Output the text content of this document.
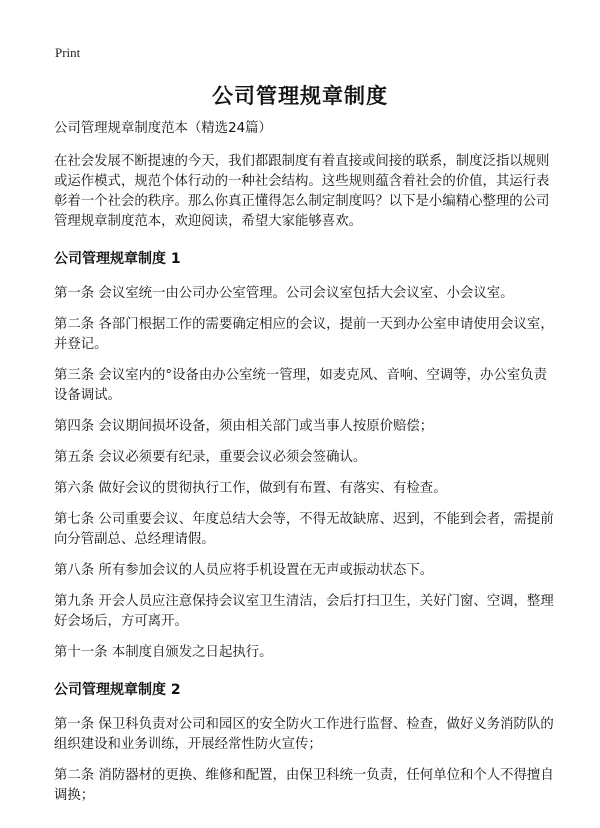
Print
公司管理规章制度

公司管理规章制度范本（精选24篇）

在社会发展不断提速的今天，我们都跟制度有着直接或间接的联系，制度泛指以规则或运作模式，规范个体行动的一种社会结构。这些规则蕴含着社会的价值，其运行表彰着一个社会的秩序。那么你真正懂得怎么制定制度吗？以下是小编精心整理的公司管理规章制度范本，欢迎阅读，希望大家能够喜欢。

公司管理规章制度 1

第一条 会议室统一由公司办公室管理。公司会议室包括大会议室、小会议室。

第二条 各部门根据工作的需要确定相应的会议，提前一天到办公室申请使用会议室，并登记。

第三条 会议室内的°设备由办公室统一管理，如麦克风、音响、空调等，办公室负责设备调试。

第四条 会议期间损坏设备，须由相关部门或当事人按原价赔偿；

第五条 会议必须要有纪录，重要会议必须会签确认。

第六条 做好会议的贯彻执行工作，做到有布置、有落实、有检查。

第七条 公司重要会议、年度总结大会等，不得无故缺席、迟到，不能到会者，需提前向分管副总、总经理请假。

第八条 所有参加会议的人员应将手机设置在无声或振动状态下。

第九条 开会人员应注意保持会议室卫生清洁，会后打扫卫生，关好门窗、空调，整理好会场后，方可离开。

第十一条 本制度自颁发之日起执行。

公司管理规章制度 2

第一条 保卫科负责对公司和园区的安全防火工作进行监督、检查，做好义务消防队的组织建设和业务训练，开展经常性防火宣传；

第二条 消防器材的更换、维修和配置，由保卫科统一负责，任何单位和个人不得擅自调换；
